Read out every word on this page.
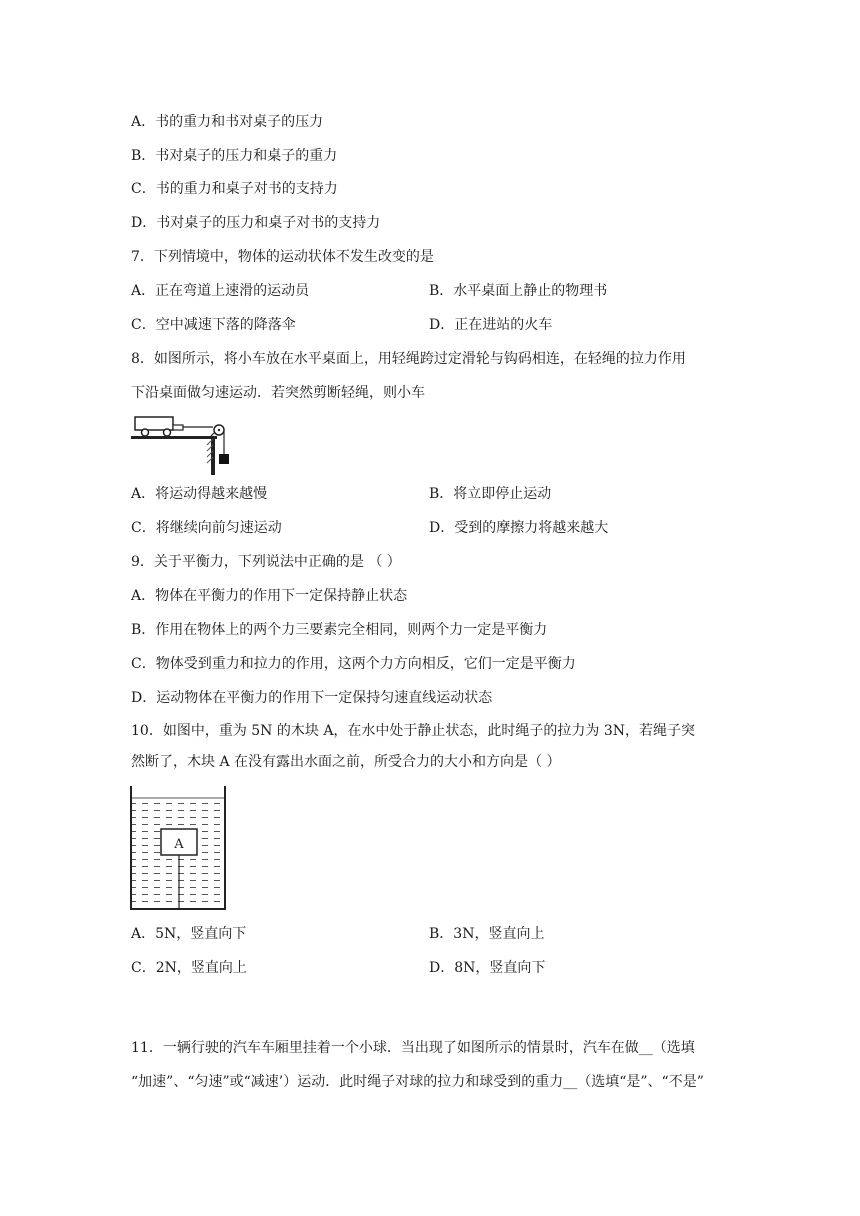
A．书的重力和书对桌子的压力
B．书对桌子的压力和桌子的重力
C．书的重力和桌子对书的支持力
D．书对桌子的压力和桌子对书的支持力
7．下列情境中，物体的运动状体不发生改变的是
A．正在弯道上速滑的运动员	B．水平桌面上静止的物理书
C．空中减速下落的降落伞	D．正在进站的火车
8．如图所示，将小车放在水平桌面上，用轻绳跨过定滑轮与钩码相连，在轻绳的拉力作用
下沿桌面做匀速运动．若突然剪断轻绳，则小车
A．将运动得越来越慢	B．将立即停止运动
C．将继续向前匀速运动	D．受到的摩擦力将越来越大
9．关于平衡力，下列说法中正确的是 （ ）
A．物体在平衡力的作用下一定保持静止状态
B．作用在物体上的两个力三要素完全相同，则两个力一定是平衡力
C．物体受到重力和拉力的作用，这两个力方向相反，它们一定是平衡力
D．运动物体在平衡力的作用下一定保持匀速直线运动状态
10．如图中，重为 5N 的木块 A，在水中处于静止状态，此时绳子的拉力为 3N，若绳子突
然断了，木块 A 在没有露出水面之前，所受合力的大小和方向是（ ）
A
A．5N，竖直向下	B．3N，竖直向上
C．2N，竖直向上	D．8N，竖直向下
11．一辆行驶的汽车车厢里挂着一个小球．当出现了如图所示的情景时，汽车在做__（选填
“加速”、“匀速”或“减速’）运动．此时绳子对球的拉力和球受到的重力__（选填“是”、“不是”
